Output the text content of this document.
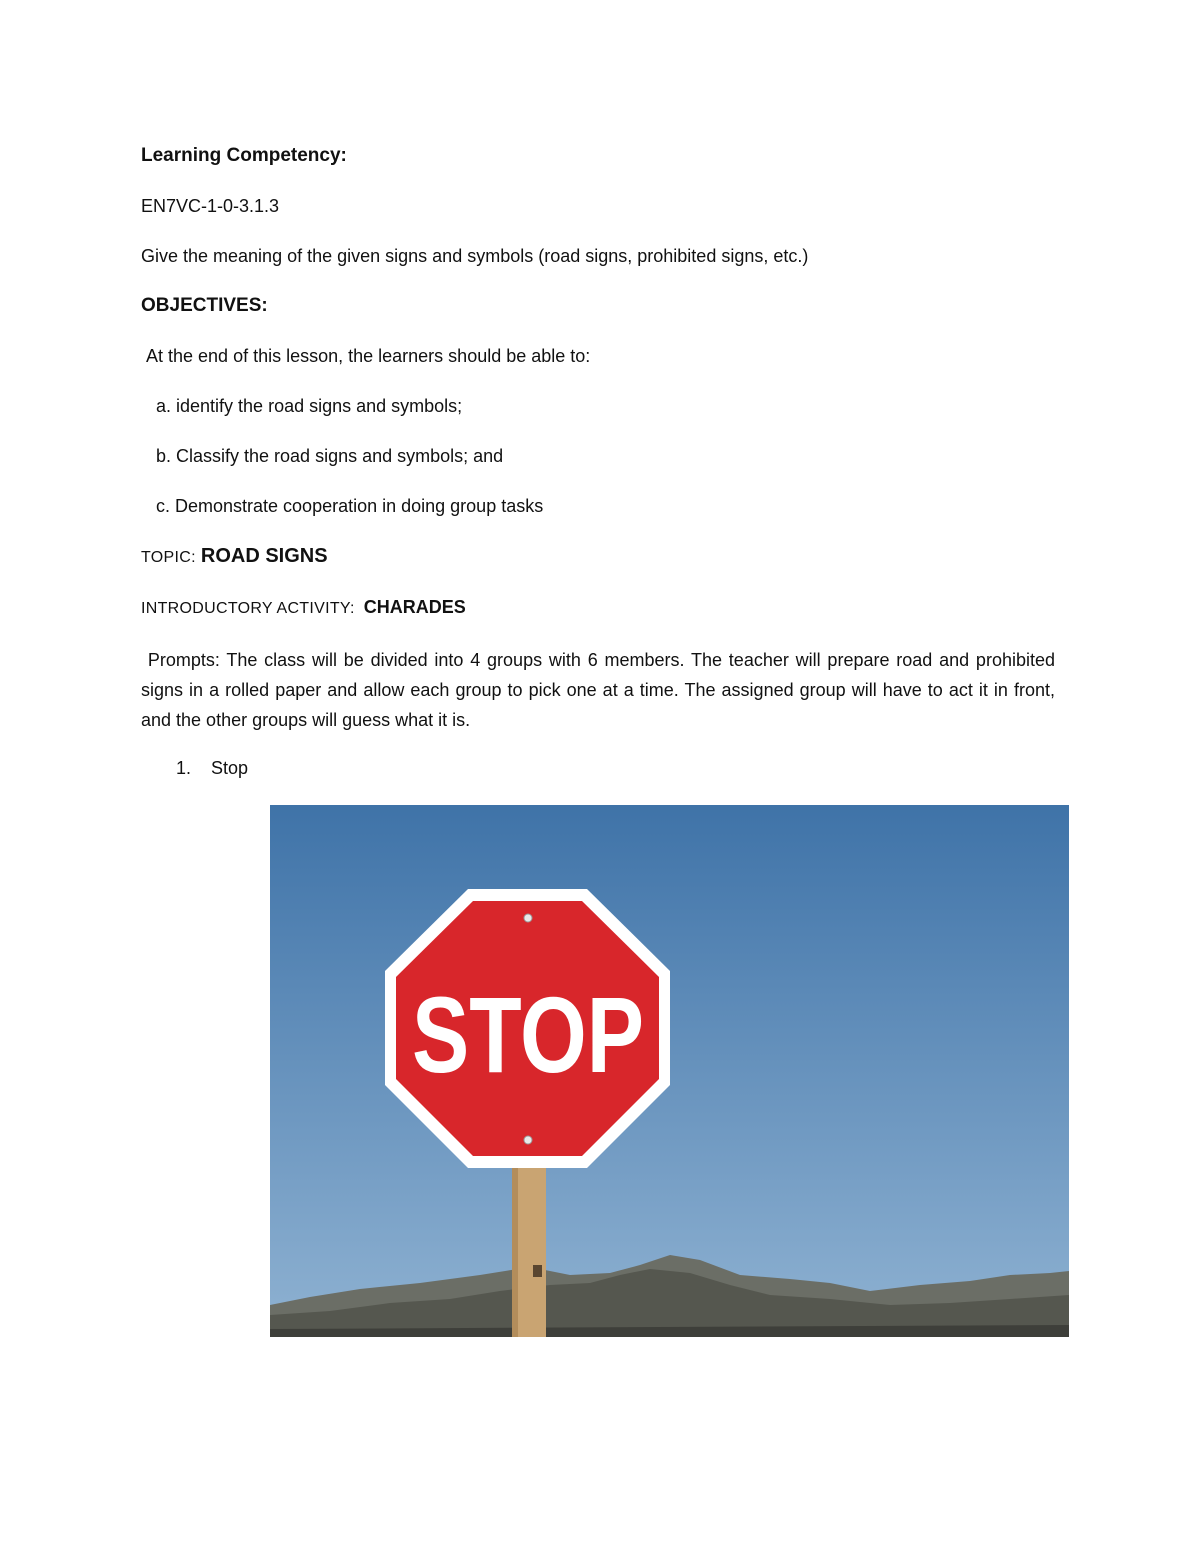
Learning Competency:
EN7VC-1-0-3.1.3
Give the meaning of the given signs and symbols (road signs, prohibited signs, etc.)
OBJECTIVES:
At the end of this lesson, the learners should be able to:
a. identify the road signs and symbols;
b. Classify the road signs and symbols; and
c. Demonstrate cooperation in doing group tasks
TOPIC: ROAD SIGNS
INTRODUCTORY ACTIVITY: CHARADES
Prompts: The class will be divided into 4 groups with 6 members. The teacher will prepare road and prohibited signs in a rolled paper and allow each group to pick one at a time. The assigned group will have to act it in front, and the other groups will guess what it is.
1. Stop
STOP
